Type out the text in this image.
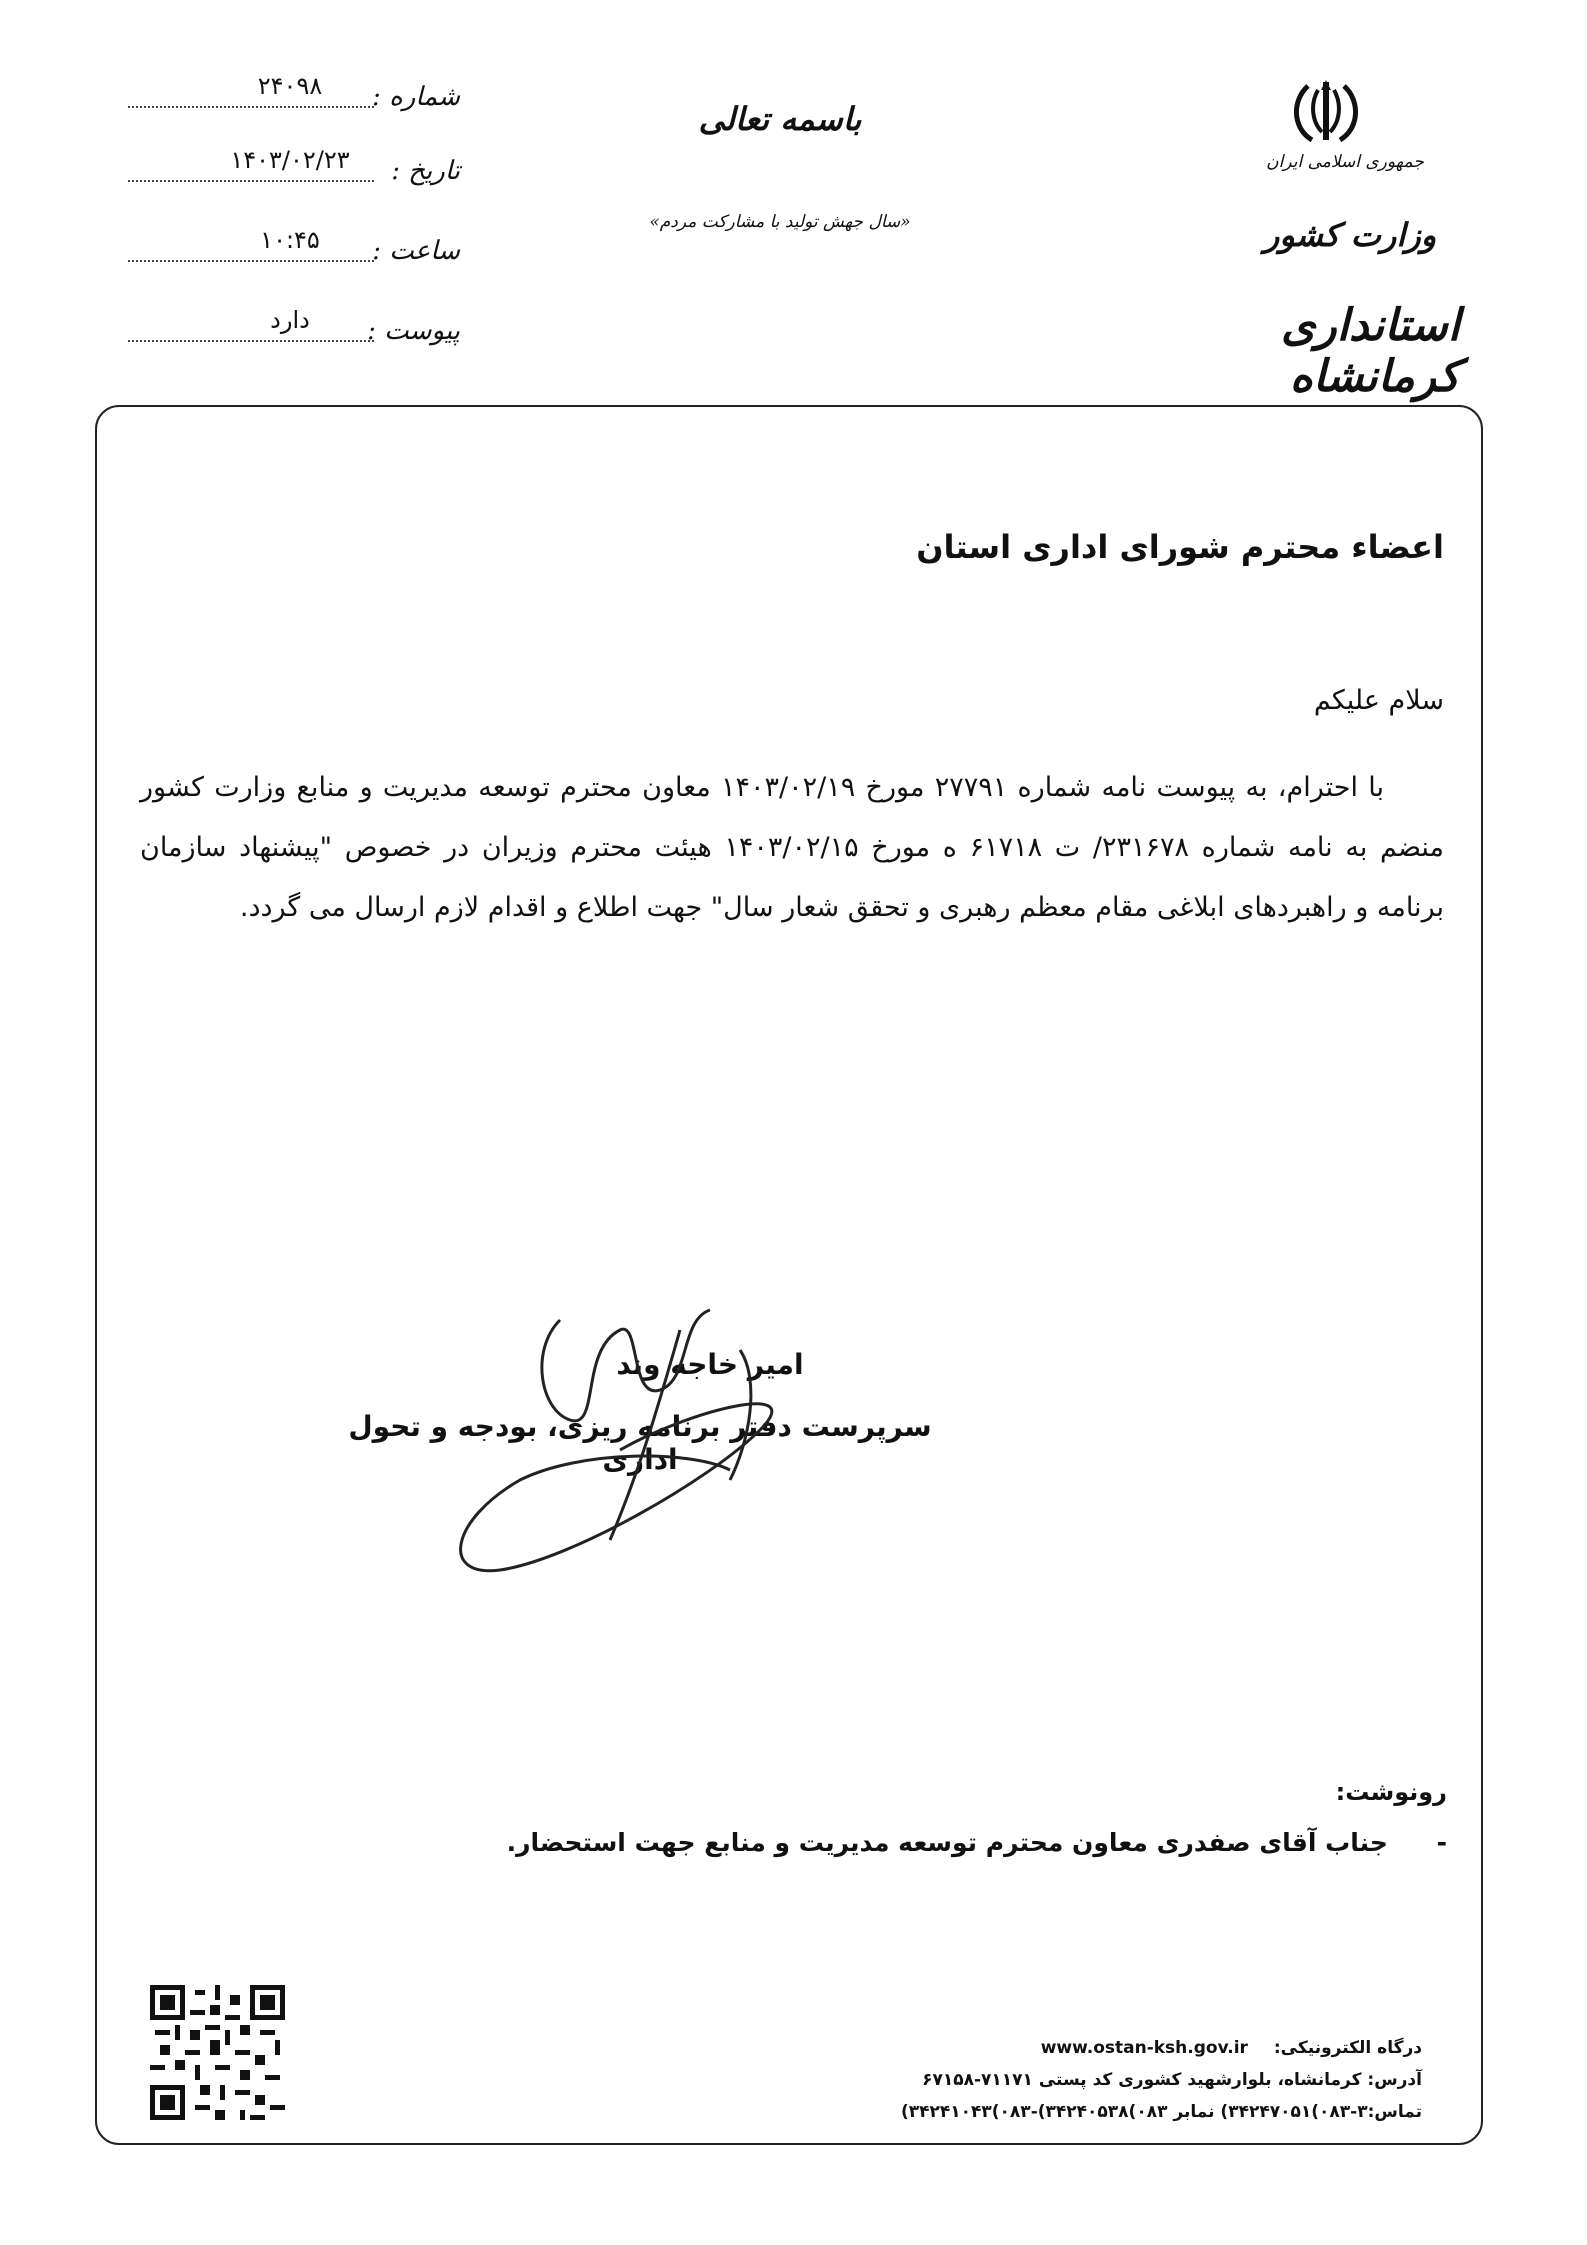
شماره :
۲۴۰۹۸
تاریخ :
۱۴۰۳/۰۲/۲۳
ساعت :
۱۰:۴۵
پیوست :
دارد
باسمه تعالی
«سال جهش تولید با مشارکت مردم»
جمهوری اسلامی ایران
وزارت کشور
استانداری کرمانشاه
اعضاء محترم شورای اداری استان
سلام علیکم
با احترام، به پیوست نامه شماره ۲۷۷۹۱ مورخ ۱۴۰۳/۰۲/۱۹ معاون محترم توسعه مدیریت و منابع وزارت کشور منضم به نامه شماره ۲۳۱۶۷۸/ ت ۶۱۷۱۸ ه مورخ ۱۴۰۳/۰۲/۱۵ هیئت محترم وزیران در خصوص "پیشنهاد سازمان برنامه و راهبردهای ابلاغی مقام معظم رهبری و تحقق شعار سال" جهت اطلاع و اقدام لازم ارسال می گردد.
امیر خاجه وند
سرپرست دفتر برنامه ریزی، بودجه و تحول اداری
رونوشت:
- جناب آقای صفدری معاون محترم توسعه مدیریت و منابع جهت استحضار.
درگاه الکترونیکی: www.ostan-ksh.gov.ir
آدرس: کرمانشاه، بلوارشهید کشوری کد پستی ۷۱۱۷۱-۶۷۱۵۸
تماس:۳-۰۸۳)۳۴۲۴۷۰۵۱) نمابر ۰۸۳)۳۴۲۴۰۵۳۸)-۰۸۳)۳۴۲۴۱۰۴۳)
